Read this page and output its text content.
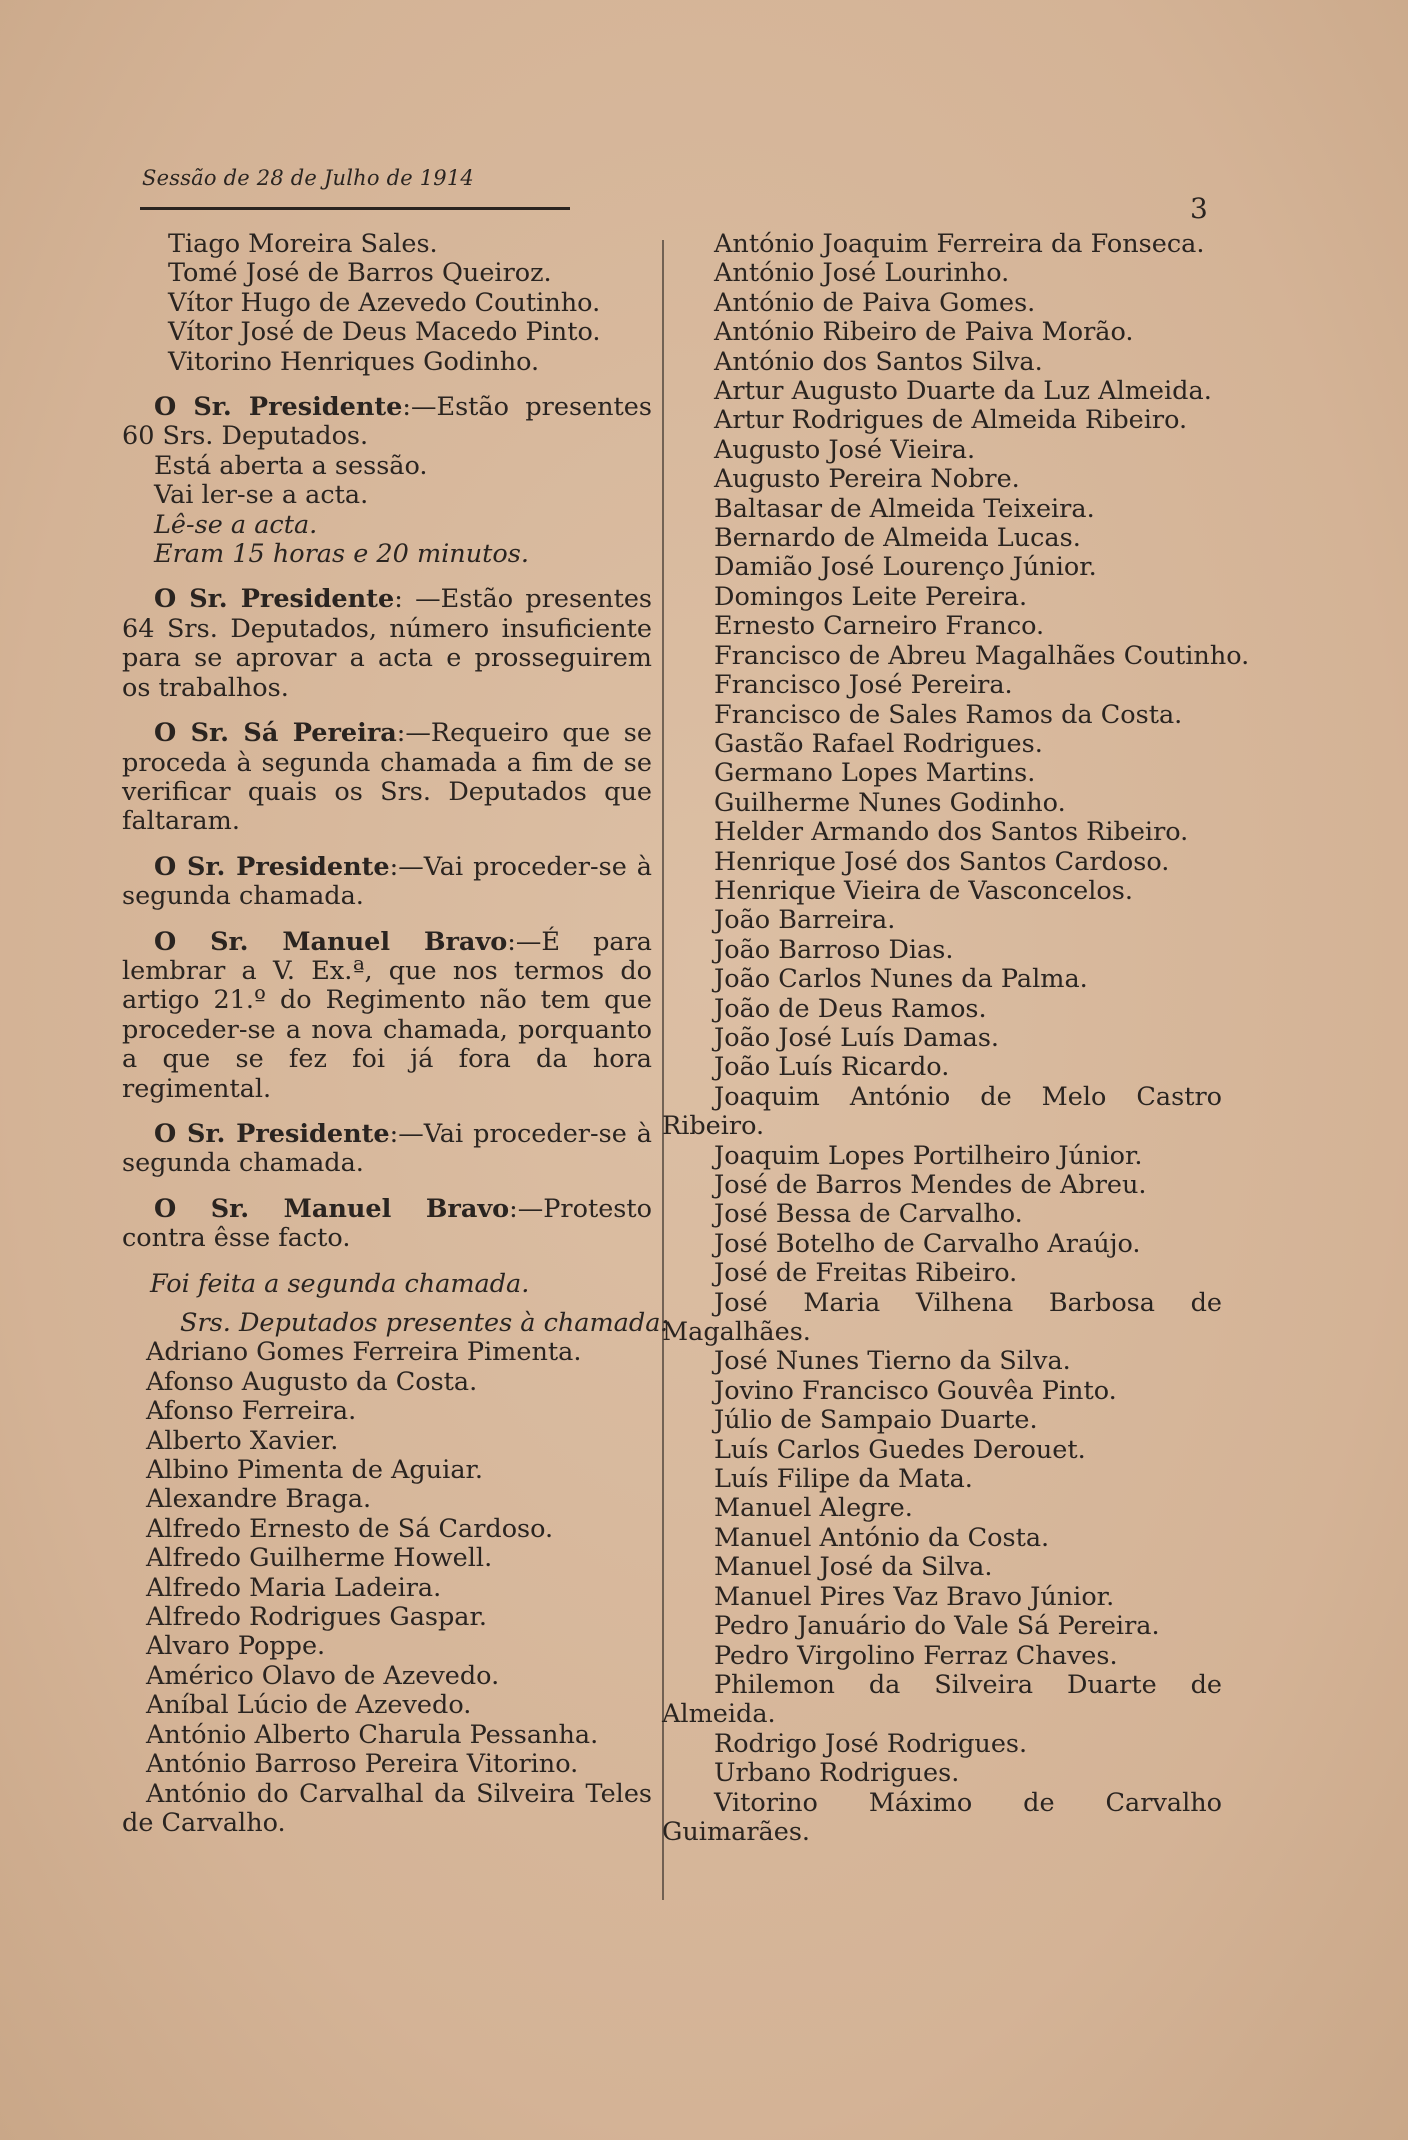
Sessão de 28 de Julho de 1914
3
Tiago Moreira Sales.
Tomé José de Barros Queiroz.
Vítor Hugo de Azevedo Coutinho.
Vítor José de Deus Macedo Pinto.
Vitorino Henriques Godinho.
O Sr. Presidente:—Estão presentes 60 Srs. Deputados.
Está aberta a sessão.
Vai ler-se a acta.
Lê-se a acta.
Eram 15 horas e 20 minutos.
O Sr. Presidente: —Estão presentes 64 Srs. Deputados, número insuficiente para se aprovar a acta e prosseguirem os trabalhos.
O Sr. Sá Pereira:—Requeiro que se proceda à segunda chamada a fim de se verificar quais os Srs. Deputados que faltaram.
O Sr. Presidente:—Vai proceder-se à segunda chamada.
O Sr. Manuel Bravo:—É para lembrar a V. Ex.ª, que nos termos do artigo 21.º do Regimento não tem que proceder-se a nova chamada, porquanto a que se fez foi já fora da hora regimental.
O Sr. Presidente:—Vai proceder-se à segunda chamada.
O Sr. Manuel Bravo:—Protesto contra êsse facto.
Foi feita a segunda chamada.
Srs. Deputados presentes à chamada:
Adriano Gomes Ferreira Pimenta.
Afonso Augusto da Costa.
Afonso Ferreira.
Alberto Xavier.
Albino Pimenta de Aguiar.
Alexandre Braga.
Alfredo Ernesto de Sá Cardoso.
Alfredo Guilherme Howell.
Alfredo Maria Ladeira.
Alfredo Rodrigues Gaspar.
Alvaro Poppe.
Américo Olavo de Azevedo.
Aníbal Lúcio de Azevedo.
António Alberto Charula Pessanha.
António Barroso Pereira Vitorino.
António do Carvalhal da Silveira Teles de Carvalho.
António Joaquim Ferreira da Fonseca.
António José Lourinho.
António de Paiva Gomes.
António Ribeiro de Paiva Morão.
António dos Santos Silva.
Artur Augusto Duarte da Luz Almeida.
Artur Rodrigues de Almeida Ribeiro.
Augusto José Vieira.
Augusto Pereira Nobre.
Baltasar de Almeida Teixeira.
Bernardo de Almeida Lucas.
Damião José Lourenço Júnior.
Domingos Leite Pereira.
Ernesto Carneiro Franco.
Francisco de Abreu Magalhães Coutinho.
Francisco José Pereira.
Francisco de Sales Ramos da Costa.
Gastão Rafael Rodrigues.
Germano Lopes Martins.
Guilherme Nunes Godinho.
Helder Armando dos Santos Ribeiro.
Henrique José dos Santos Cardoso.
Henrique Vieira de Vasconcelos.
João Barreira.
João Barroso Dias.
João Carlos Nunes da Palma.
João de Deus Ramos.
João José Luís Damas.
João Luís Ricardo.
Joaquim António de Melo Castro Ribeiro.
Joaquim Lopes Portilheiro Júnior.
José de Barros Mendes de Abreu.
José Bessa de Carvalho.
José Botelho de Carvalho Araújo.
José de Freitas Ribeiro.
José Maria Vilhena Barbosa de Magalhães.
José Nunes Tierno da Silva.
Jovino Francisco Gouvêa Pinto.
Júlio de Sampaio Duarte.
Luís Carlos Guedes Derouet.
Luís Filipe da Mata.
Manuel Alegre.
Manuel António da Costa.
Manuel José da Silva.
Manuel Pires Vaz Bravo Júnior.
Pedro Januário do Vale Sá Pereira.
Pedro Virgolino Ferraz Chaves.
Philemon da Silveira Duarte de Almeida.
Rodrigo José Rodrigues.
Urbano Rodrigues.
Vitorino Máximo de Carvalho Guimarães.
